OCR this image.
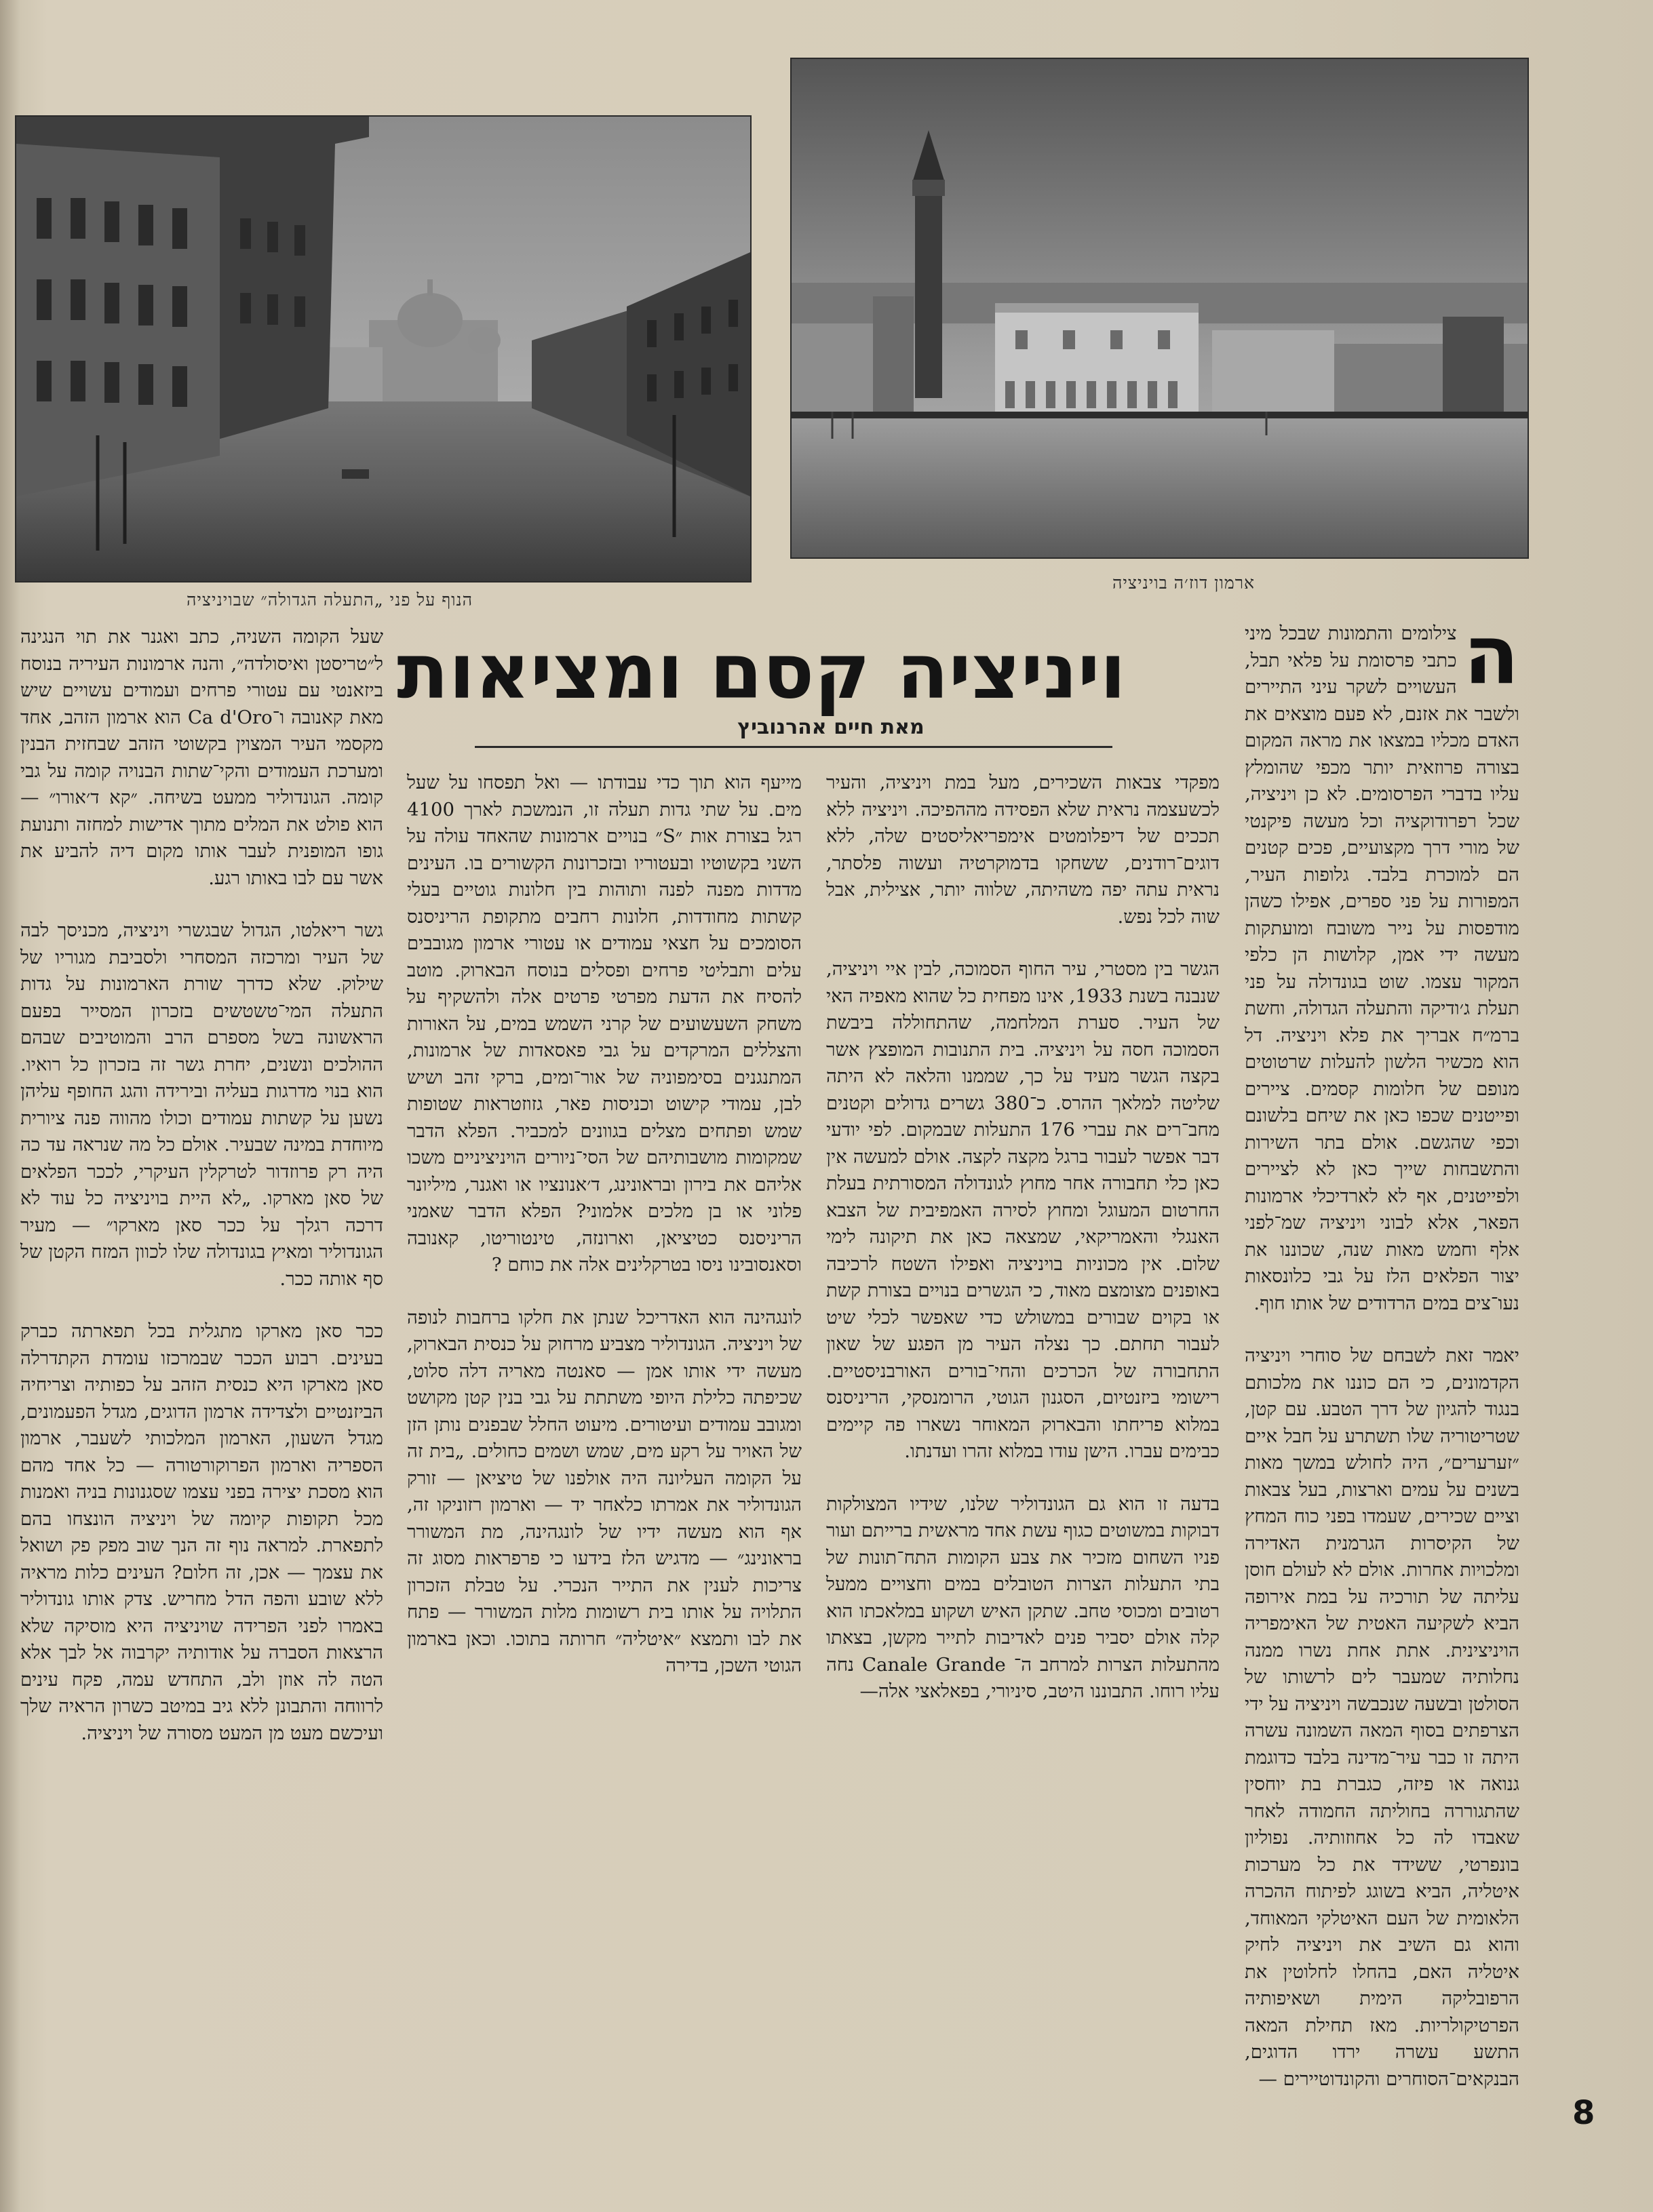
הנוף על פני „התעלה הגדולה״ שבויניציה
ארמון דוז׳ה בויניציה
ויניציה קסם ומציאות
מאת חיים אהרנוביץ
ה

צילומים והתמונות שבכל מיני כתבי פרסומת על פלאי תבל, העשויים לשקר עיני התיירים ולשבר את אזנם, לא פעם מוצאים את האדם מכליו במצאו את מראה המקום בצורה פרוזאית יותר מכפי שהומלץ עליו בדברי הפרסומים. לא כן ויניציה, שכל רפרודוקציה וכל מעשה פיקנטי של מורי דרך מקצועיים, פכים קטנים הם למוכרת בלבד. גלופות העיר, המפורות על פני ספרים, אפילו כשהן מודפסות על נייר משובח ומועתקות מעשה ידי אמן, קלושות הן כלפי המקור עצמו. שוט בגונדולה על פני תעלת ג׳ודיקה והתעלה הגדולה, וחשת ברמ״ח אבריך את פלא ויניציה. דל הוא מכשיר הלשון להעלות שרטוטים מנופם של חלומות קסמים. ציירים ופייטנים שכפו כאן את שיחם בלשונם וכפי שהגשם. אולם בתר השירות והתשבחות שייך כאן לא לציירים ולפייטנים, אף לא לארדיכלי ארמונות הפאר, אלא לבוני ויניציה שמ־לפני אלף וחמש מאות שנה, שכוננו את יצור הפלאים הלז על גבי כלונסאות נעו־צים במים הרדודים של אותו חוף.

יאמר זאת לשבחם של סוחרי ויניציה הקדמונים, כי הם כוננו את מלכותם בנגוד להגיון של דרך הטבע. עם קטן, שטריטוריה שלו תשתרע על חבל איים ״זערערים״, היה לחולש במשך מאות בשנים על עמים וארצות, בעל צבאות וציים שכירים, שעמדו בפני כוח המחץ של הקיסרות הגרמנית האדירה ומלכויות אחרות. אולם לא לעולם חוסן עליתה של תורכיה על במת אירופה הביא לשקיעה האטית של האימפריה הויניצינית. אתת אחת נשרו ממנה נחלותיה שמעבר לים לרשותו של הסולטן ובשעה שנכבשה ויניציה על ידי הצרפתים בסוף המאה השמונה עשרה היתה זו כבר עיר־מדינה בלבד כדוגמת גנואה או פיזה, כגברת בת יוחסין שהתגוררה בחוליתה החמודה לאחר שאבדו לה כל אחוזותיה. נפוליון בונפרטי, ששידד את כל מערכות איטליה, הביא בשוגג לפיתוח ההכרה הלאומית של העם האיטלקי המאוחד, והוא גם השיב את ויניציה לחיק איטליה האם, בהחלו לחלוטין את הרפובליקה הימית ושאיפותיה הפרטיקולריות. מאז תחילת המאה התשע עשרה ירדו הדוגים, הבנקאים־הסוחרים והקונדוטיירים —

מפקדי צבאות השכירים, מעל במת ויניציה, והעיר לכשעצמה נראית שלא הפסידה מההפיכה. ויניציה ללא תככים של דיפלומטים אימפריאליסטים שלה, ללא דוגים־רודנים, ששחקו בדמוקרטיה ועשוה פלסתר, נראית עתה יפה משהיתה, שלווה יותר, אצילית, אבל שוה לכל נפש.

הגשר בין מסטרי, עיר החוף הסמוכה, לבין איי ויניציה, שנבנה בשנת 1933, אינו מפחית כל שהוא מאפיה האי של העיר. סערת המלחמה, שהתחוללה ביבשת הסמוכה חסה על ויניציה. בית התנובות המופצץ אשר בקצה הגשר מעיד על כך, שממנו והלאה לא היתה שליטה למלאך ההרס. כ־380 גשרים גדולים וקטנים מחב־רים את עברי 176 התעלות שבמקום. לפי יודעי דבר אפשר לעבור ברגל מקצה לקצה. אולם למעשה אין כאן כלי תחבורה אחר מחוץ לגונדולה המסורתית בעלת החרטום המעוגל ומחוץ לסירה האמפיבית של הצבא האנגלי והאמריקאי, שמצאה כאן את תיקונה לימי שלום. אין מכוניות בויניציה ואפילו השטח לרכיבה באופנים מצומצם מאוד, כי הגשרים בנויים בצורת קשת או בקוים שבורים במשולש כדי שאפשר לכלי שיט לעבור תחתם. כך נצלה העיר מן הפגע של שאון התחבורה של הכרכים והחי־בורים האורבניסטיים. רישומי ביזנטיום, הסגנון הגוטי, הרומנסקי, הריניסנס במלוא פריחתו והבארוק המאוחר נשארו פה קיימים כבימים עברו. הישן עודו במלוא זהרו ועדנתו.

בדעה זו הוא גם הגונדוליר שלנו, שידיו המצולקות דבוקות במשוטים כגוף עשת אחד מראשית ברייתם ועור פניו השחום מזכיר את צבע הקומות התח־תונות של בתי התעלות הצרות הטובלים במים וחצויים ממעל רטובים ומכוסי טחב. שתקן האיש ושקוע במלאכתו הוא קלה אולם יסביר פנים לאדיבות לתייר מקשן, בצאתו מהתעלות הצרות למרחב ה־ Canale Grande נחה עליו רוחו. התבוננו היטב, סיניורי, בפאלאצי אלה—

מייעף הוא תוך כדי עבודתו — ואל תפסחו על שעל מים. על שתי גדות תעלה זו, הנמשכת לארך 4100 רגל בצורת אות ״S״ בנויים ארמונות שהאחד עולה על השני בקשוטיו ובעטוריו ובזכרונות הקשורים בו. העינים מדדות מפנה לפנה ותוהות בין חלונות גוטיים בעלי קשתות מחודדות, חלונות רחבים מתקופת הריניסנס הסומכים על חצאי עמודים או עטורי ארמון מגובבים עלים ותבליטי פרחים ופסלים בנוסח הבארוק. מוטב להסיח את הדעת מפרטי פרטים אלה ולהשקיף על משחק השעשועים של קרני השמש במים, על האורות והצללים המרקדים על גבי פאסאדות של ארמונות, המתנגנים בסימפוניה של אור־ומים, ברקי זהב ושיש לבן, עמודי קישוט וכניסות פאר, גזוזטראות שטופות שמש ופתחים מצלים בגוונים למכביר. הפלא הדבר שמקומות מושבותיהם של הסי־ניורים הויניציניים משכו אליהם את בירון ובראונינג, ד׳אנונציו או ואגנר, מיליונר פלוני או בן מלכים אלמוני? הפלא הדבר שאמני הריניסנס כטיציאן, וארונזה, טינטוריטו, קאנובה וסאנסובינו ניסו בטרקלינים אלה את כוחם ?

לונגהינה הוא האדריכל שנתן את חלקו ברחבות לנופה של ויניציה. הגונדוליר מצביע מרחוק על כנסית הבארוק, מעשה ידי אותו אמן — סאנטה מאריה דלה סלוט, שכיפתה כלילת היופי משתתת על גבי בנין קטן מקושט ומגובב עמודים ועיטורים. מיעוט החלל שבפנים נותן הזן של האויר על רקע מים, שמש ושמים כחולים. „בית זה על הקומה העליונה היה אולפנו של טיציאן — זורק הגונדוליר את אמרתו כלאחר יד — וארמון רזוניקו זה, אף הוא מעשה ידיו של לונגהינה, מת המשורר בראונינג״ — מדגיש הלז בידעו כי פרפראות מסוג זה צריכות לענין את התייר הנכרי. על טבלת הזכרון התלויה על אותו בית רשומות מלות המשורר — פתח את לבו ותמצא ״איטליה״ חרותה בתוכו. וכאן בארמון הגוטי השכן, בדירה

שעל הקומה השניה, כתב ואגנר את תוי הנגינה ל״טריסטן ואיסולדה״, והנה ארמונות העיריה בנוסח ביזאנטי עם עטורי פרחים ועמודים עשויים שיש מאת קאנובה ו־Ca d'Oro הוא ארמון הזהב, אחד מקסמי העיר המצוין בקשוטי הזהב שבחזית הבנין ומערכת העמודים והקי־שתות הבנויה קומה על גבי קומה. הגונדוליר ממעט בשיחה. ״קא ד׳אורו״ — הוא פולט את המלים מתוך אדישות למחזה ותנועת גופו המופנית לעבר אותו מקום דיה להביע את אשר עם לבו באותו רגע.

גשר ריאלטו, הגדול שבגשרי ויניציה, מכניסך לבה של העיר ומרכזה המסחרי ולסביבת מגוריו של שילוק. שלא כדרך שורת הארמונות על גדות התעלה המי־טשטשים בזכרון המסייר בפעם הראשונה בשל מספרם הרב והמוטיבים שבהם ההולכים ונשנים, יחרת גשר זה בזכרון כל רואיו. הוא בנוי מדרגות בעליה ובירידה והגג החופף עליהן נשען על קשתות עמודים וכולו מהווה פנה ציורית מיוחדת במינה שבעיר. אולם כל מה שנראה עד כה היה רק פרוזדור לטרקלין העיקרי, לככר הפלאים של סאן מארקו. „לא היית בויניציה כל עוד לא דרכה רגלך על ככר סאן מארקו״ — מעיר הגונדוליר ומאיץ בגונדולה שלו לכוון המזח הקטן של סף אותה ככר.

ככר סאן מארקו מתגלית בכל תפארתה כברק בעינים. רבוע הככר שבמרכזו עומדת הקתדרלה סאן מארקו היא כנסית הזהב על כפותיה וצריחיה הביזנטיים ולצדידה ארמון הדוגים, מגדל הפעמונים, מגדל השעון, הארמון המלכותי לשעבר, ארמון הספריה וארמון הפרוקורטורה — כל אחד מהם הוא מסכת יצירה בפני עצמו שסגנונות בניה ואמנות מכל תקופות קיומה של ויניציה הונצחו בהם לתפארת. למראה נוף זה הנך שוב מפק פק ושואל את עצמך — אכן, זה חלום? העינים כלות מראיה ללא שובע והפה הדל מחריש. צדק אותו גונדוליר באמרו לפני הפרידה שויניציה היא מוסיקה שלא הרצאות הסברה על אודותיה יקרבוה אל לבך אלא הטה לה אוזן ולב, התחדש עמה, פקח עינים לרווחה והתבונן ללא גיב במיטב כשרון הראיה שלך ועיכשם מעט מן המעט מסורה של ויניציה.

8
